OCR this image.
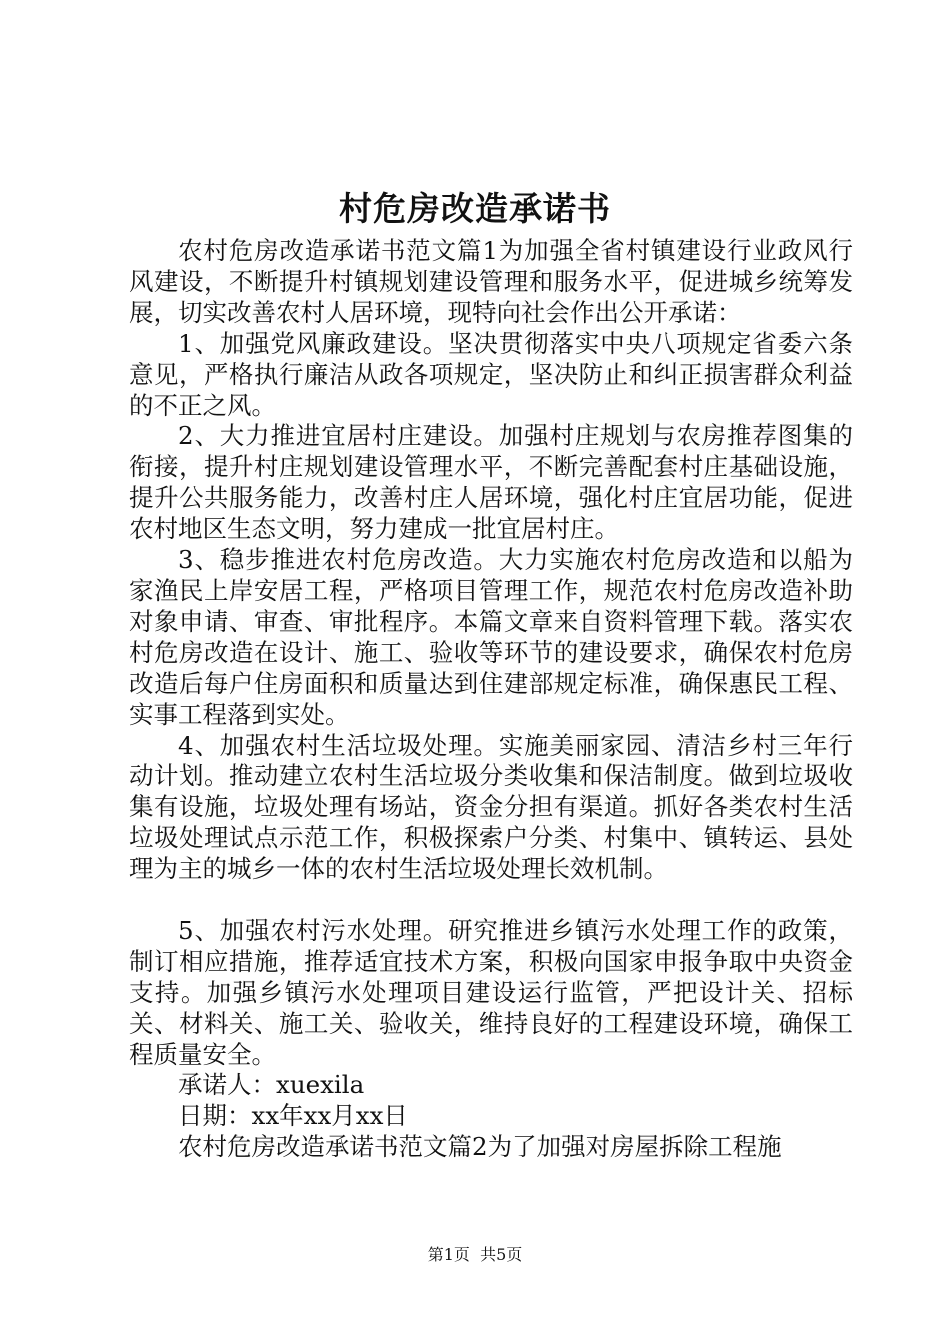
村危房改造承诺书

农村危房改造承诺书范文篇1为加强全省村镇建设行业政风行风建设，不断提升村镇规划建设管理和服务水平，促进城乡统筹发展，切实改善农村人居环境，现特向社会作出公开承诺：

1、加强党风廉政建设。坚决贯彻落实中央八项规定省委六条意见，严格执行廉洁从政各项规定，坚决防止和纠正损害群众利益的不正之风。

2、大力推进宜居村庄建设。加强村庄规划与农房推荐图集的衔接，提升村庄规划建设管理水平，不断完善配套村庄基础设施，提升公共服务能力，改善村庄人居环境，强化村庄宜居功能，促进农村地区生态文明，努力建成一批宜居村庄。

3、稳步推进农村危房改造。大力实施农村危房改造和以船为家渔民上岸安居工程，严格项目管理工作，规范农村危房改造补助对象申请、审查、审批程序。本篇文章来自资料管理下载。落实农村危房改造在设计、施工、验收等环节的建设要求，确保农村危房改造后每户住房面积和质量达到住建部规定标准，确保惠民工程、实事工程落到实处。

4、加强农村生活垃圾处理。实施美丽家园、清洁乡村三年行动计划。推动建立农村生活垃圾分类收集和保洁制度。做到垃圾收集有设施，垃圾处理有场站，资金分担有渠道。抓好各类农村生活垃圾处理试点示范工作，积极探索户分类、村集中、镇转运、县处理为主的城乡一体的农村生活垃圾处理长效机制。

5、加强农村污水处理。研究推进乡镇污水处理工作的政策，制订相应措施，推荐适宜技术方案，积极向国家申报争取中央资金支持。加强乡镇污水处理项目建设运行监管，严把设计关、招标关、材料关、施工关、验收关，维持良好的工程建设环境，确保工程质量安全。

承诺人：xuexila

日期：xx年xx月xx日

农村危房改造承诺书范文篇2为了加强对房屋拆除工程施

第1页  共5页
